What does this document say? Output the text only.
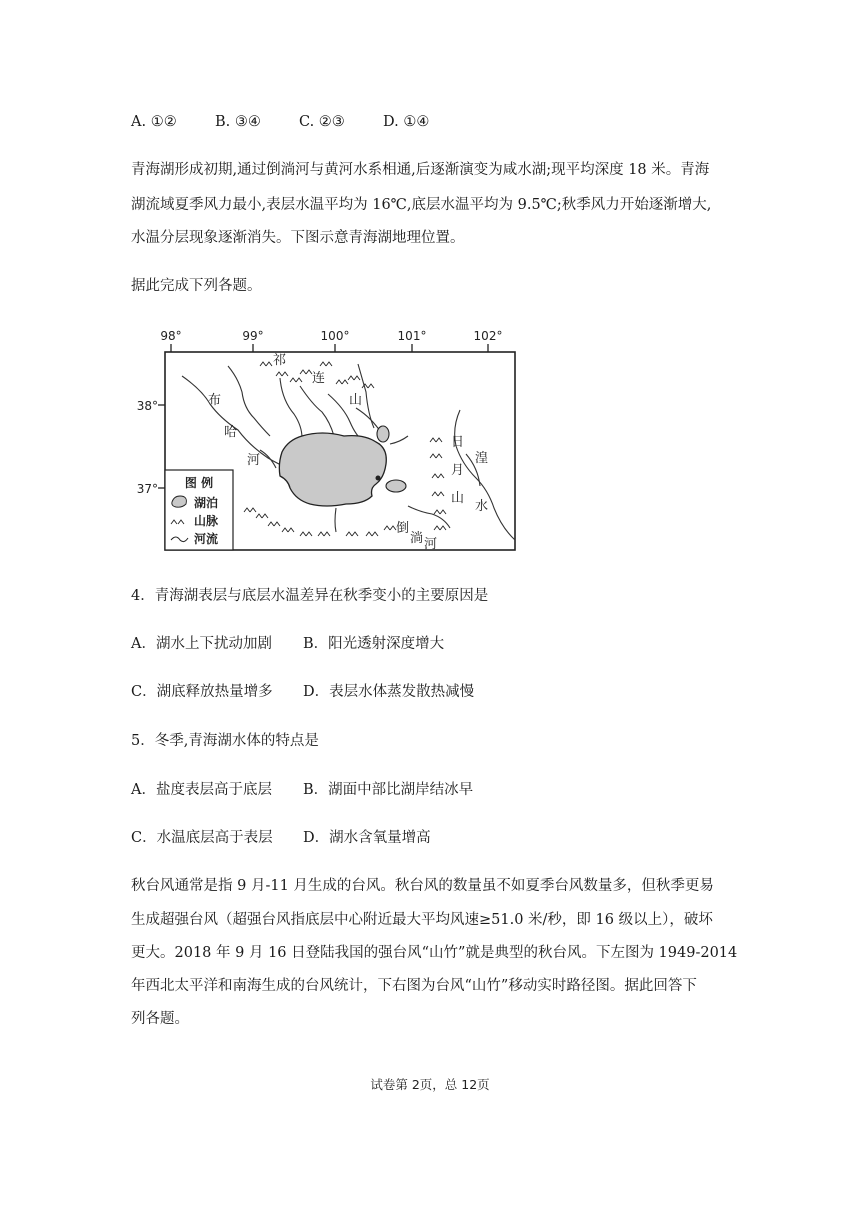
A. ①②	B. ③④	C. ②③	D. ①④
青海湖形成初期,通过倒淌河与黄河水系相通,后逐渐演变为咸水湖;现平均深度 18 米。青海
湖流域夏季风力最小,表层水温平均为 16℃,底层水温平均为 9.5℃;秋季风力开始逐渐增大,
水温分层现象逐渐消失。下图示意青海湖地理位置。
据此完成下列各题。
98°	99°	100°	101°	102°
38°
37°
祁
连
山
布
哈
河
日
月
山
湟
水
倒
淌 河
图 例
湖泊
山脉
河流
4．青海湖表层与底层水温差异在秋季变小的主要原因是
A．湖水上下扰动加剧 B．阳光透射深度增大
C．湖底释放热量增多 D．表层水体蒸发散热减慢
5．冬季,青海湖水体的特点是
A．盐度表层高于底层 B．湖面中部比湖岸结冰早
C．水温底层高于表层 D．湖水含氧量增高
秋台风通常是指 9 月-11 月生成的台风。秋台风的数量虽不如夏季台风数量多，但秋季更易
生成超强台风（超强台风指底层中心附近最大平均风速≥51.0 米/秒，即 16 级以上），破坏
更大。2018 年 9 月 16 日登陆我国的强台风“山竹”就是典型的秋台风。下左图为 1949-2014
年西北太平洋和南海生成的台风统计，下右图为台风“山竹”移动实时路径图。据此回答下
列各题。
试卷第 2页，总 12页
